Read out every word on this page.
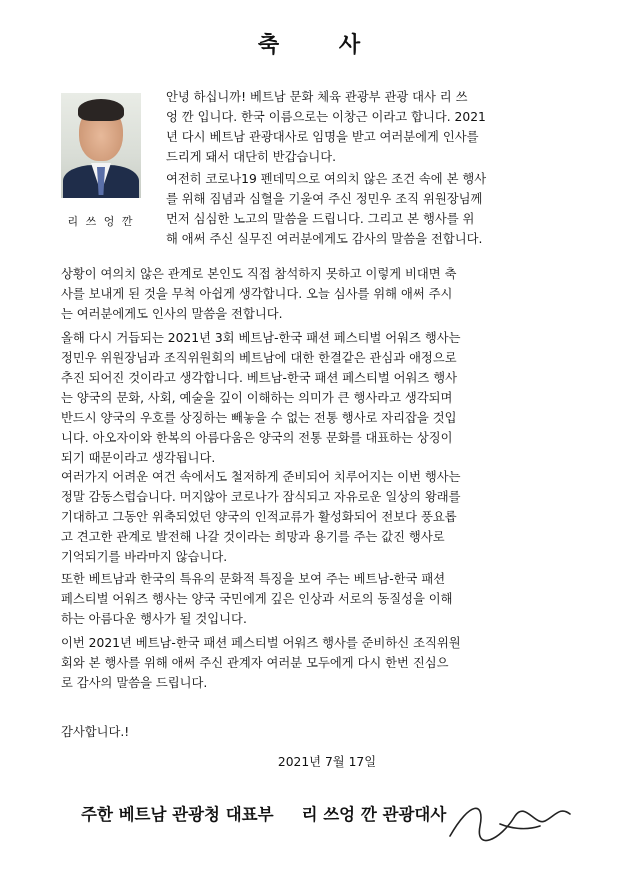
축 사
리 쓰 엉 깐
안녕 하십니까! 베트남 문화 체육 관광부 관광 대사 리 쓰
엉 깐 입니다. 한국 이름으로는 이창근 이라고 합니다. 2021
년 다시 베트남 관광대사로 임명을 받고 여러분에게 인사를
드리게 돼서 대단히 반갑습니다.
여전히 코로나19 펜데믹으로 여의치 않은 조건 속에 본 행사
를 위해 짐념과 심혈을 기울여 주신 정민우 조직 위원장님께
먼저 심심한 노고의 말씀을 드립니다. 그리고 본 행사를 위
해 애써 주신 실무진 여러분에게도 감사의 말씀을 전합니다.
상황이 여의치 않은 관계로 본인도 직접 참석하지 못하고 이렇게 비대면 축
사를 보내게 된 것을 무척 아쉽게 생각합니다. 오늘 심사를 위해 애써 주시
는 여러분에게도 인사의 말씀을 전합니다.
올해 다시 거듭되는 2021년 3회 베트남-한국 패션 페스티벌 어워즈 행사는
정민우 위원장님과 조직위원회의 베트남에 대한 한결같은 관심과 애정으로
추진 되어진 것이라고 생각합니다. 베트남-한국 패션 페스티벌 어워즈 행사
는 양국의 문화, 사회, 예술을 깊이 이해하는 의미가 큰 행사라고 생각되며
반드시 양국의 우호를 상징하는 빼놓을 수 없는 전통 행사로 자리잡을 것입
니다. 아오자이와 한복의 아름다움은 양국의 전통 문화를 대표하는 상징이
되기 때문이라고 생각됩니다.
여러가지 어려운 여건 속에서도 철저하게 준비되어 치루어지는 이번 행사는
정말 감동스럽습니다. 머지않아 코로나가 잠식되고 자유로운 일상의 왕래를
기대하고 그동안 위축되었던 양국의 인적교류가 활성화되어 전보다 풍요롭
고 견고한 관계로 발전해 나갈 것이라는 희망과 용기를 주는 값진 행사로
기억되기를 바라마지 않습니다.
또한 베트남과 한국의 특유의 문화적 특징을 보여 주는 베트남-한국 패션
페스티벌 어워즈 행사는 양국 국민에게 깊은 인상과 서로의 동질성을 이해
하는 아름다운 행사가 될 것입니다.
이번 2021년 베트남-한국 패션 페스티벌 어워즈 행사를 준비하신 조직위원
회와 본 행사를 위해 애써 주신 관계자 여러분 모두에게 다시 한번 진심으
로 감사의 말씀을 드립니다.
감사합니다.!
2021년 7월 17일
주한 베트남 관광청 대표부 리 쓰엉 깐 관광대사
